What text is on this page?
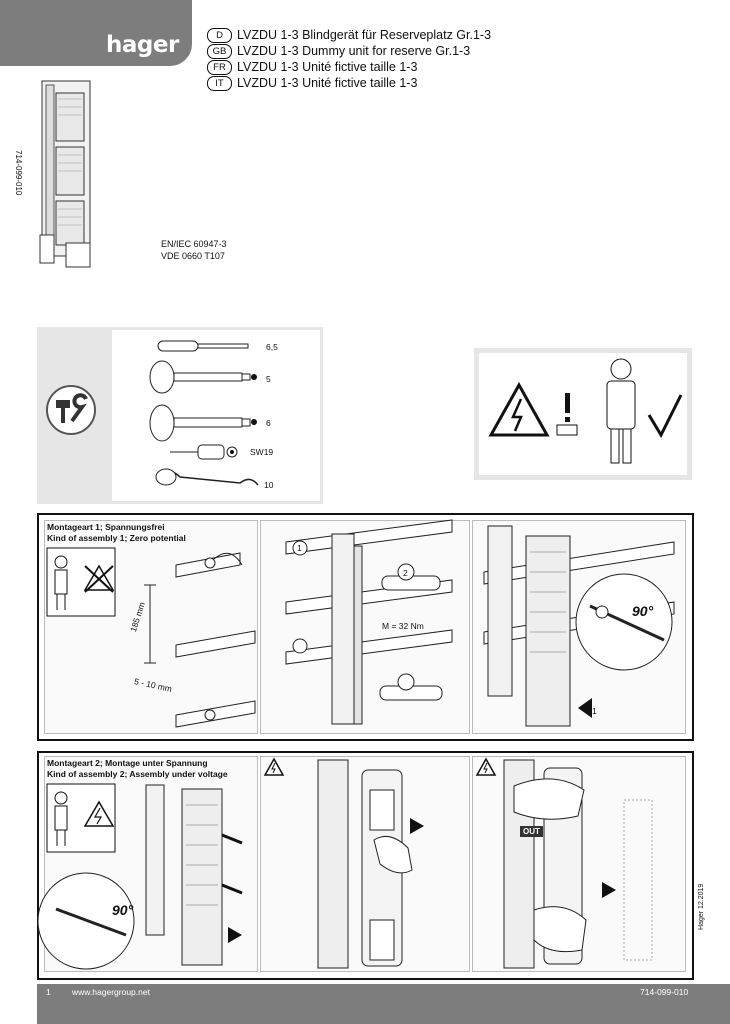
hager	D LVZDU 1-3 Blindgerät für Reserveplatz Gr.1-3
GB LVZDU 1-3 Dummy unit for reserve Gr.1-3
FR LVZDU 1-3 Unité fictive taille 1-3
IT LVZDU 1-3 Unité fictive taille 1-3
714-099-010
EN/IEC 60947-3
VDE 0660 T107
6,5
5
6
SW19
10
Montageart 1; Spannungsfrei
Kind of assembly 1; Zero potential
185 mm
5 - 10 mm
M = 32 Nm
1
2
90°
1
Montageart 2; Montage unter Spannung
Kind of assembly 2; Assembly under voltage
90°
OUT
1	www.hagergroup.net	714-099-010
Hager 12.2019
